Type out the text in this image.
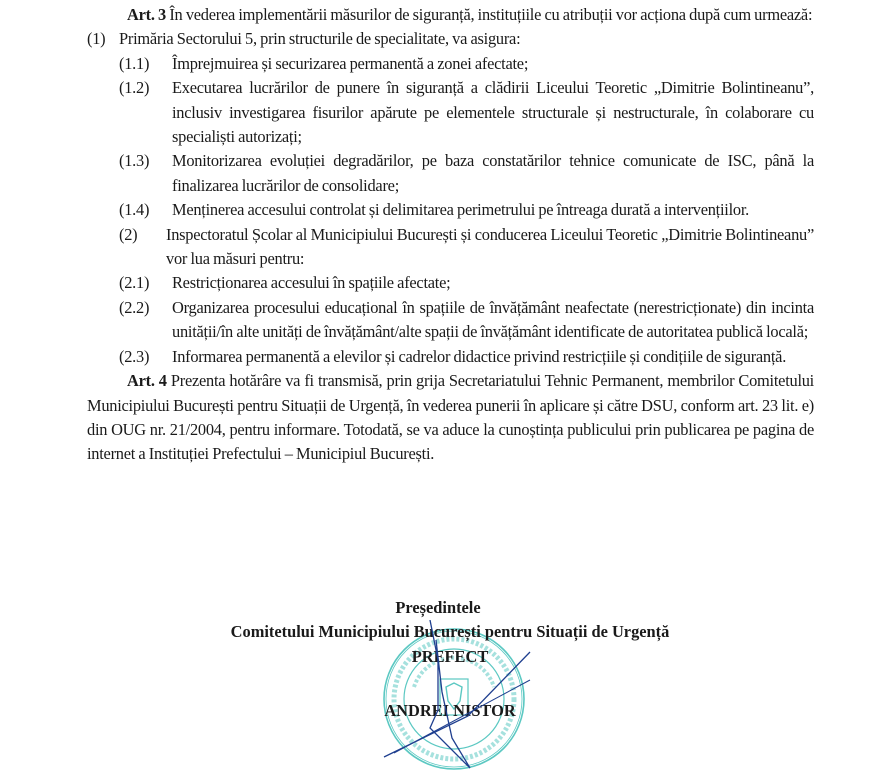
Art. 3 În vederea implementării măsurilor de siguranță, instituțiile cu atribuții vor acționa după cum urmează:

(1) Primăria Sectorului 5, prin structurile de specialitate, va asigura:

(1.1) Împrejmuirea și securizarea permanentă a zonei afectate;

(1.2) Executarea lucrărilor de punere în siguranță a clădirii Liceului Teoretic „Dimitrie Bolintineanu”, inclusiv investigarea fisurilor apărute pe elementele structurale și nestructurale, în colaborare cu specialiști autorizați;

(1.3) Monitorizarea evoluției degradărilor, pe baza constatărilor tehnice comunicate de ISC, până la finalizarea lucrărilor de consolidare;

(1.4) Menținerea accesului controlat și delimitarea perimetrului pe întreaga durată a intervențiilor.

(2) Inspectoratul Școlar al Municipiului București și conducerea Liceului Teoretic „Dimitrie Bolintineanu” vor lua măsuri pentru:

(2.1) Restricționarea accesului în spațiile afectate;

(2.2) Organizarea procesului educațional în spațiile de învățământ neafectate (nerestricționate) din incinta unității/în alte unități de învățământ/alte spații de învățământ identificate de autoritatea publică locală;

(2.3) Informarea permanentă a elevilor și cadrelor didactice privind restricțiile și condițiile de siguranță.

Art. 4 Prezenta hotărâre va fi transmisă, prin grija Secretariatului Tehnic Permanent, membrilor Comitetului Municipiului București pentru Situații de Urgență, în vederea punerii în aplicare și către DSU, conform art. 23 lit. e) din OUG nr. 21/2004, pentru informare. Totodată, se va aduce la cunoștința publicului prin publicarea pe pagina de internet a Instituției Prefectului – Municipiul București.

Președintele
Comitetului Municipiului București pentru Situații de Urgență
PREFECT
ANDREI NISTOR
